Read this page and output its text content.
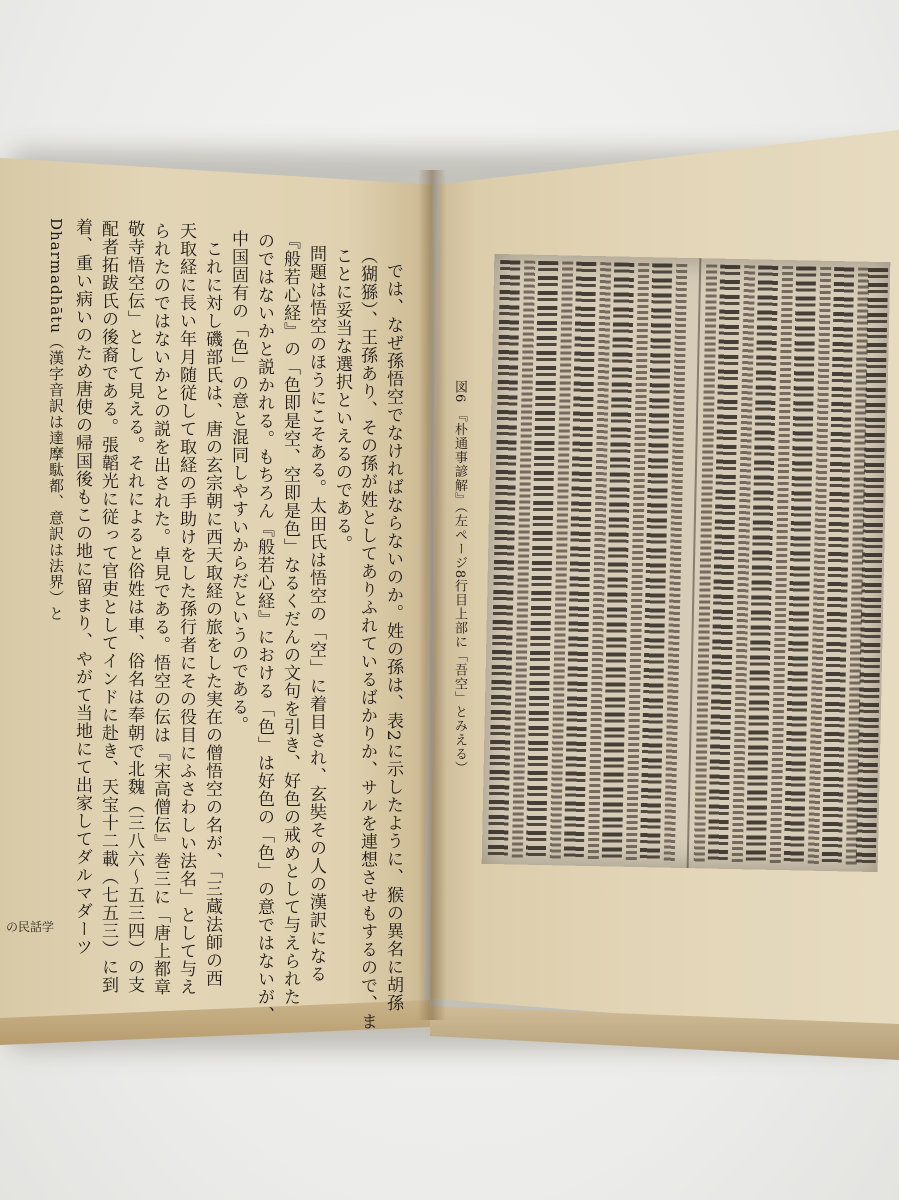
では、なぜ孫悟空でなければならないのか。姓の孫は、表2に示したように、猴の異名に胡孫
（猢猻）、王孫あり、その孫が姓としてありふれているばかりか、サルを連想させもするので、ま
ことに妥当な選択といえるのである。
問題は悟空のほうにこそある。太田氏は悟空の「空」に着目され、玄奘その人の漢訳になる
『般若心経』の「色即是空、空即是色」なるくだんの文句を引き、好色の戒めとして与えられた
のではないかと説かれる。もちろん『般若心経』における「色」は好色の「色」の意ではないが、
中国固有の「色」の意と混同しやすいからだというのである。
これに対し磯部氏は、唐の玄宗朝に西天取経の旅をした実在の僧悟空の名が、「三蔵法師の西
天取経に長い年月随従して取経の手助けをした孫行者にその役目にふさわしい法名」として与え
られたのではないかとの説を出された。卓見である。悟空の伝は『宋高僧伝』巻三に「唐上都章
敬寺悟空伝」として見える。それによると俗姓は車、俗名は奉朝で北魏（三八六〜五三四）の支
配者拓跋氏の後裔である。張韜光に従って官吏としてインドに赴き、天宝十二載（七五三）に到
着、重い病いのため唐使の帰国後もこの地に留まり、やがて当地にて出家してダルマダーツ
Dharmadhātu（漢字音訳は達摩駄都、意訳は法界）と
の民話学
図6 『朴通事諺解』（左ページ8行目上部に「吾空」とみえる）
